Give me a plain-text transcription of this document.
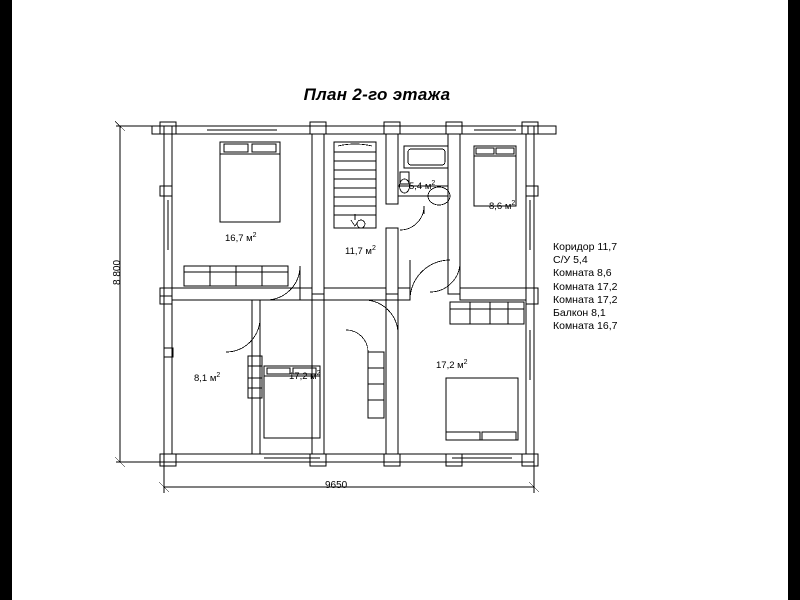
План 2-го этажа
8 800
9650
Коридор 11,7
С/У 5,4
Комната 8,6
Комната 17,2
Комната 17,2
Балкон 8,1
Комната 16,7
16,7 $м^2$
11,7 $м^2$
5,4 $м^2$
8,6 $м^2$
8,1 $м^2$	17,2 $м^2$
17,2 $м^2$
